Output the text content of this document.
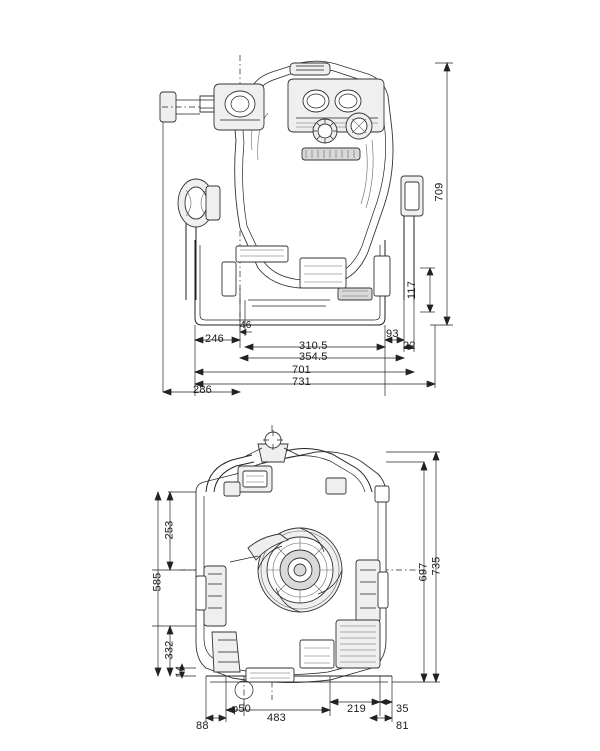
709
117
246
310.5
93
22
354.5
701
731
286
46
253
585
332
14
697 735
88
φ50
483
219	35
81
